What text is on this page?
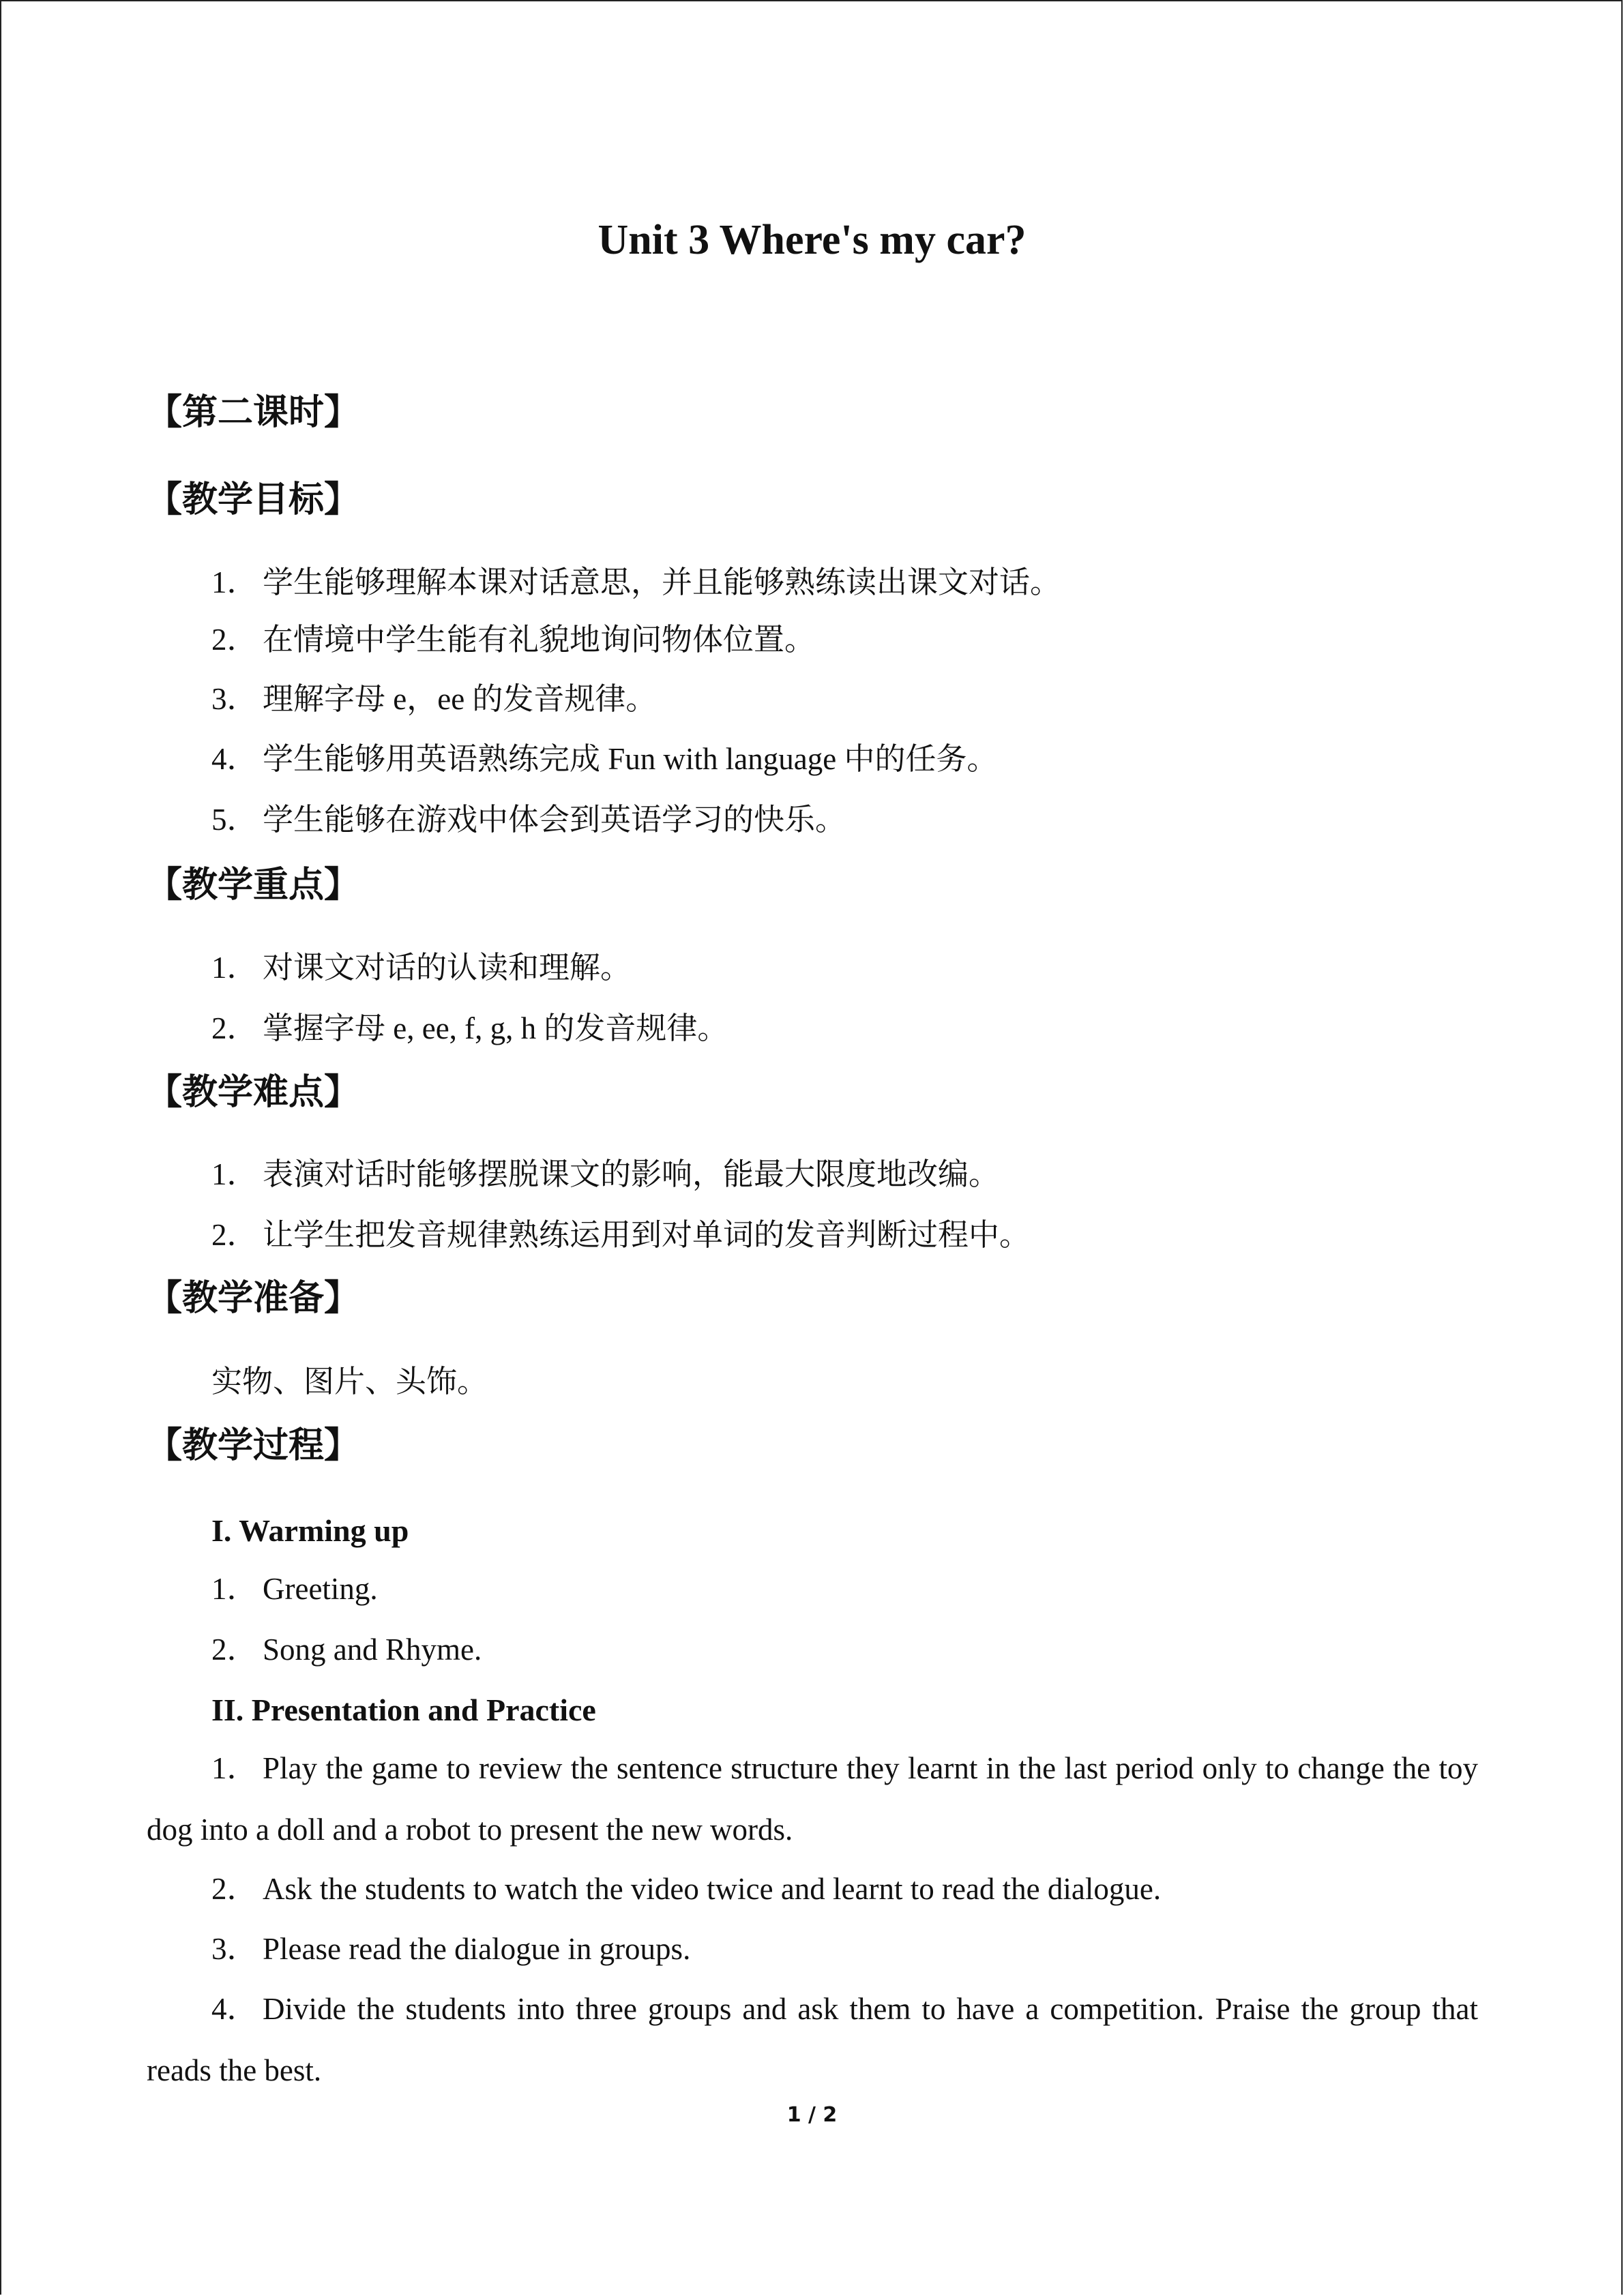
Unit 3 Where's my car?
【第二课时】
【教学目标】
1． 学生能够理解本课对话意思，并且能够熟练读出课文对话。
2． 在情境中学生能有礼貌地询问物体位置。
3． 理解字母 e，ee 的发音规律。
4． 学生能够用英语熟练完成 Fun with language 中的任务。
5． 学生能够在游戏中体会到英语学习的快乐。
【教学重点】
1． 对课文对话的认读和理解。
2． 掌握字母 e, ee, f, g, h 的发音规律。
【教学难点】
1． 表演对话时能够摆脱课文的影响，能最大限度地改编。
2． 让学生把发音规律熟练运用到对单词的发音判断过程中。
【教学准备】
实物、图片、头饰。
【教学过程】
I. Warming up
1． Greeting.
2． Song and Rhyme.
II. Presentation and Practice
1． Play the game to review the sentence structure they learnt in the last period only to change the toy dog into a doll and a robot to present the new words.
2． Ask the students to watch the video twice and learnt to read the dialogue.
3． Please read the dialogue in groups.
4． Divide the students into three groups and ask them to have a competition. Praise the group that reads the best.
1 / 2
